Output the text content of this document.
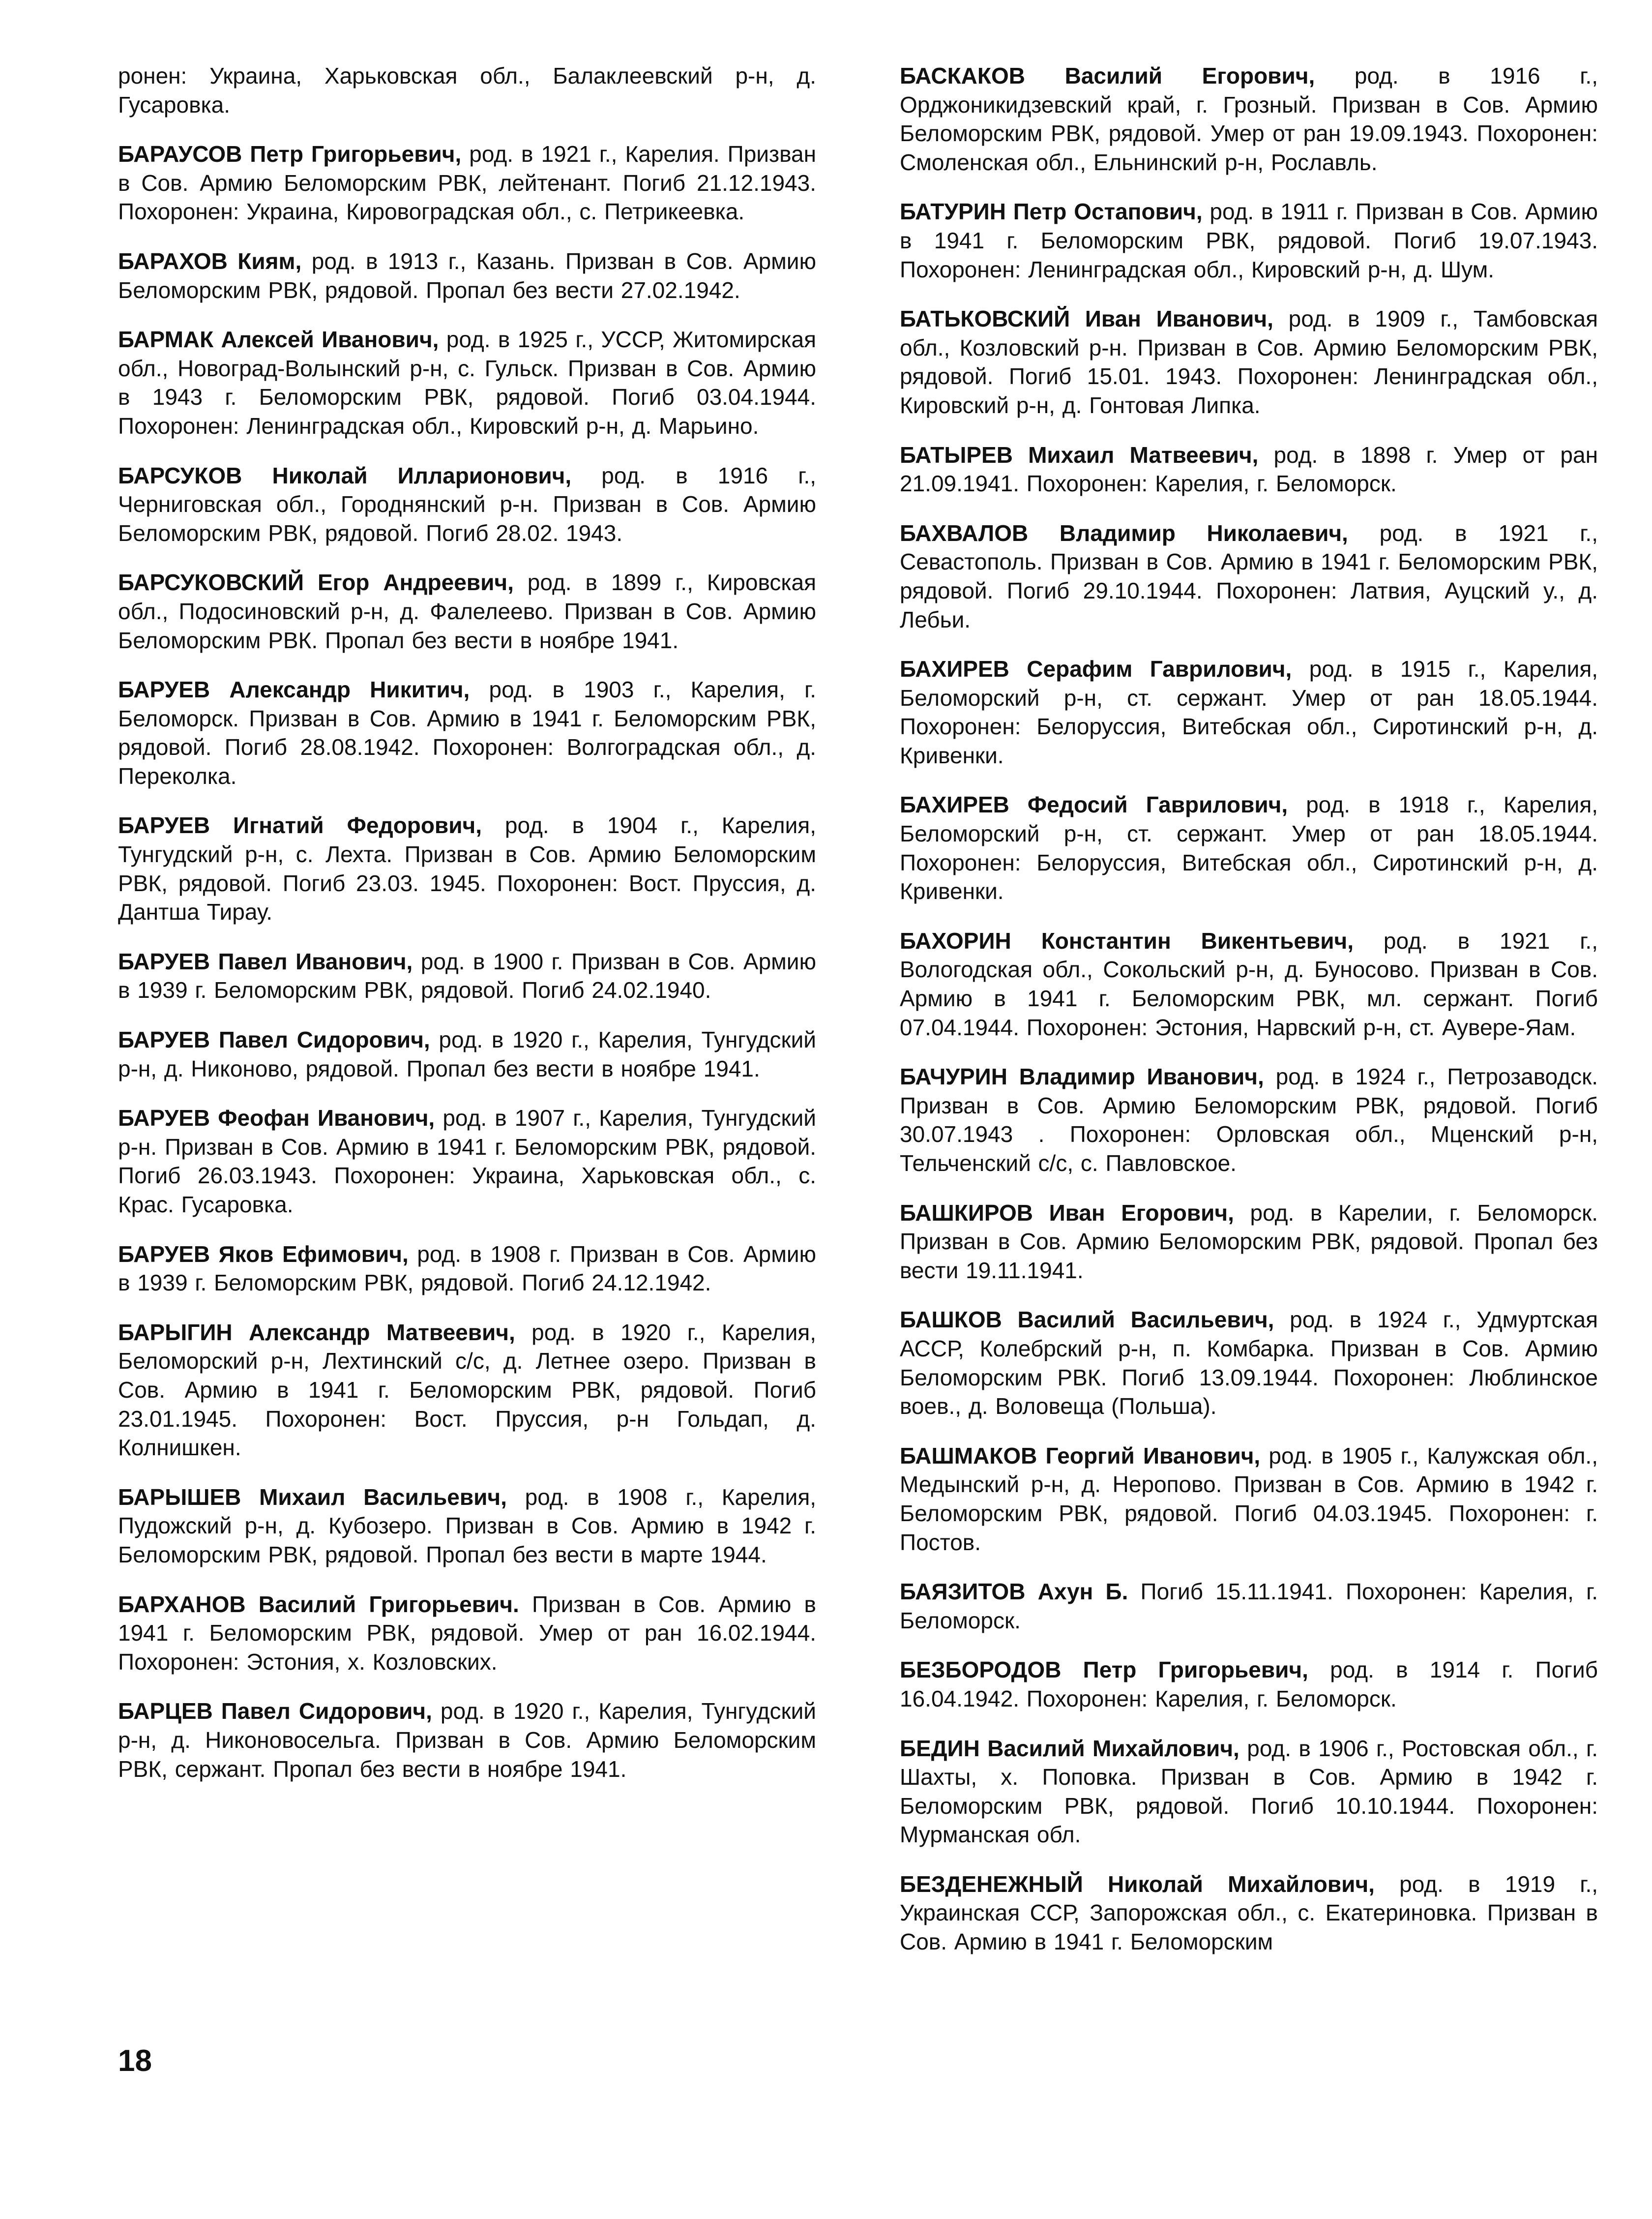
ронен: Украина, Харьковская обл., Балаклеевский р-н, д. Гусаровка.

БАРАУСОВ Петр Григорьевич, род. в 1921 г., Карелия. Призван в Сов. Армию Беломорским РВК, лейтенант. Погиб 21.12.1943. Похоронен: Украина, Кировоградская обл., с. Петрикеевка.

БАРАХОВ Киям, род. в 1913 г., Казань. Призван в Сов. Армию Беломорским РВК, рядовой. Пропал без вести 27.02.1942.

БАРМАК Алексей Иванович, род. в 1925 г., УССР, Житомирская обл., Новоград-Волынский р-н, с. Гульск. Призван в Сов. Армию в 1943 г. Беломорским РВК, рядовой. Погиб 03.04.1944. Похоронен: Ленинградская обл., Кировский р-н, д. Марьино.

БАРСУКОВ Николай Илларионович, род. в 1916 г., Черниговская обл., Городнянский р-н. Призван в Сов. Армию Беломорским РВК, рядовой. Погиб 28.02. 1943.

БАРСУКОВСКИЙ Егор Андреевич, род. в 1899 г., Кировская обл., Подосиновский р-н, д. Фалелеево. Призван в Сов. Армию Беломорским РВК. Пропал без вести в ноябре 1941.

БАРУЕВ Александр Никитич, род. в 1903 г., Карелия, г. Беломорск. Призван в Сов. Армию в 1941 г. Беломорским РВК, рядовой. Погиб 28.08.1942. Похоронен: Волгоградская обл., д. Переколка.

БАРУЕВ Игнатий Федорович, род. в 1904 г., Карелия, Тунгудский р-н, с. Лехта. Призван в Сов. Армию Беломорским РВК, рядовой. Погиб 23.03. 1945. Похоронен: Вост. Пруссия, д. Дантша Тирау.

БАРУЕВ Павел Иванович, род. в 1900 г. Призван в Сов. Армию в 1939 г. Беломорским РВК, рядовой. Погиб 24.02.1940.

БАРУЕВ Павел Сидорович, род. в 1920 г., Карелия, Тунгудский р-н, д. Никоново, рядовой. Пропал без вести в ноябре 1941.

БАРУЕВ Феофан Иванович, род. в 1907 г., Карелия, Тунгудский р-н. Призван в Сов. Армию в 1941 г. Беломорским РВК, рядовой. Погиб 26.03.1943. Похоронен: Украина, Харьковская обл., с. Крас. Гусаровка.

БАРУЕВ Яков Ефимович, род. в 1908 г. Призван в Сов. Армию в 1939 г. Беломорским РВК, рядовой. Погиб 24.12.1942.

БАРЫГИН Александр Матвеевич, род. в 1920 г., Карелия, Беломорский р-н, Лехтинский с/с, д. Летнее озеро. Призван в Сов. Армию в 1941 г. Беломорским РВК, рядовой. Погиб 23.01.1945. Похоронен: Вост. Пруссия, р-н Гольдап, д. Колнишкен.

БАРЫШЕВ Михаил Васильевич, род. в 1908 г., Карелия, Пудожский р-н, д. Кубозеро. Призван в Сов. Армию в 1942 г. Беломорским РВК, рядовой. Пропал без вести в марте 1944.

БАРХАНОВ Василий Григорьевич. Призван в Сов. Армию в 1941 г. Беломорским РВК, рядовой. Умер от ран 16.02.1944. Похоронен: Эстония, х. Козловских.

БАРЦЕВ Павел Сидорович, род. в 1920 г., Карелия, Тунгудский р-н, д. Никоновосельга. Призван в Сов. Армию Беломорским РВК, сержант. Пропал без вести в ноябре 1941.

БАСКАКОВ Василий Егорович, род. в 1916 г., Орджоникидзевский край, г. Грозный. Призван в Сов. Армию Беломорским РВК, рядовой. Умер от ран 19.09.1943. Похоронен: Смоленская обл., Ельнинский р-н, Рославль.

БАТУРИН Петр Остапович, род. в 1911 г. Призван в Сов. Армию в 1941 г. Беломорским РВК, рядовой. Погиб 19.07.1943. Похоронен: Ленинградская обл., Кировский р-н, д. Шум.

БАТЬКОВСКИЙ Иван Иванович, род. в 1909 г., Тамбовская обл., Козловский р-н. Призван в Сов. Армию Беломорским РВК, рядовой. Погиб 15.01. 1943. Похоронен: Ленинградская обл., Кировский р-н, д. Гонтовая Липка.

БАТЫРЕВ Михаил Матвеевич, род. в 1898 г. Умер от ран 21.09.1941. Похоронен: Карелия, г. Беломорск.

БАХВАЛОВ Владимир Николаевич, род. в 1921 г., Севастополь. Призван в Сов. Армию в 1941 г. Беломорским РВК, рядовой. Погиб 29.10.1944. Похоронен: Латвия, Ауцский у., д. Лебьи.

БАХИРЕВ Серафим Гаврилович, род. в 1915 г., Карелия, Беломорский р-н, ст. сержант. Умер от ран 18.05.1944. Похоронен: Белоруссия, Витебская обл., Сиротинский р-н, д. Кривенки.

БАХИРЕВ Федосий Гаврилович, род. в 1918 г., Карелия, Беломорский р-н, ст. сержант. Умер от ран 18.05.1944. Похоронен: Белоруссия, Витебская обл., Сиротинский р-н, д. Кривенки.

БАХОРИН Константин Викентьевич, род. в 1921 г., Вологодская обл., Сокольский р-н, д. Буносово. Призван в Сов. Армию в 1941 г. Беломорским РВК, мл. сержант. Погиб 07.04.1944. Похоронен: Эстония, Нарвский р-н, ст. Аувере-Яам.

БАЧУРИН Владимир Иванович, род. в 1924 г., Петрозаводск. Призван в Сов. Армию Беломорским РВК, рядовой. Погиб 30.07.1943 . Похоронен: Орловская обл., Мценский р-н, Тельченский с/с, с. Павловское.

БАШКИРОВ Иван Егорович, род. в Карелии, г. Беломорск. Призван в Сов. Армию Беломорским РВК, рядовой. Пропал без вести 19.11.1941.

БАШКОВ Василий Васильевич, род. в 1924 г., Удмуртская АССР, Колебрский р-н, п. Комбарка. Призван в Сов. Армию Беломорским РВК. Погиб 13.09.1944. Похоронен: Люблинское воев., д. Воловеща (Польша).

БАШМАКОВ Георгий Иванович, род. в 1905 г., Калужская обл., Медынский р-н, д. Неропово. Призван в Сов. Армию в 1942 г. Беломорским РВК, рядовой. Погиб 04.03.1945. Похоронен: г. Постов.

БАЯЗИТОВ Ахун Б. Погиб 15.11.1941. Похоронен: Карелия, г. Беломорск.

БЕЗБОРОДОВ Петр Григорьевич, род. в 1914 г. Погиб 16.04.1942. Похоронен: Карелия, г. Беломорск.

БЕДИН Василий Михайлович, род. в 1906 г., Ростовская обл., г. Шахты, х. Поповка. Призван в Сов. Армию в 1942 г. Беломорским РВК, рядовой. Погиб 10.10.1944. Похоронен: Мурманская обл.

БЕЗДЕНЕЖНЫЙ Николай Михайлович, род. в 1919 г., Украинская ССР, Запорожская обл., с. Екатериновка. Призван в Сов. Армию в 1941 г. Беломорским

18
